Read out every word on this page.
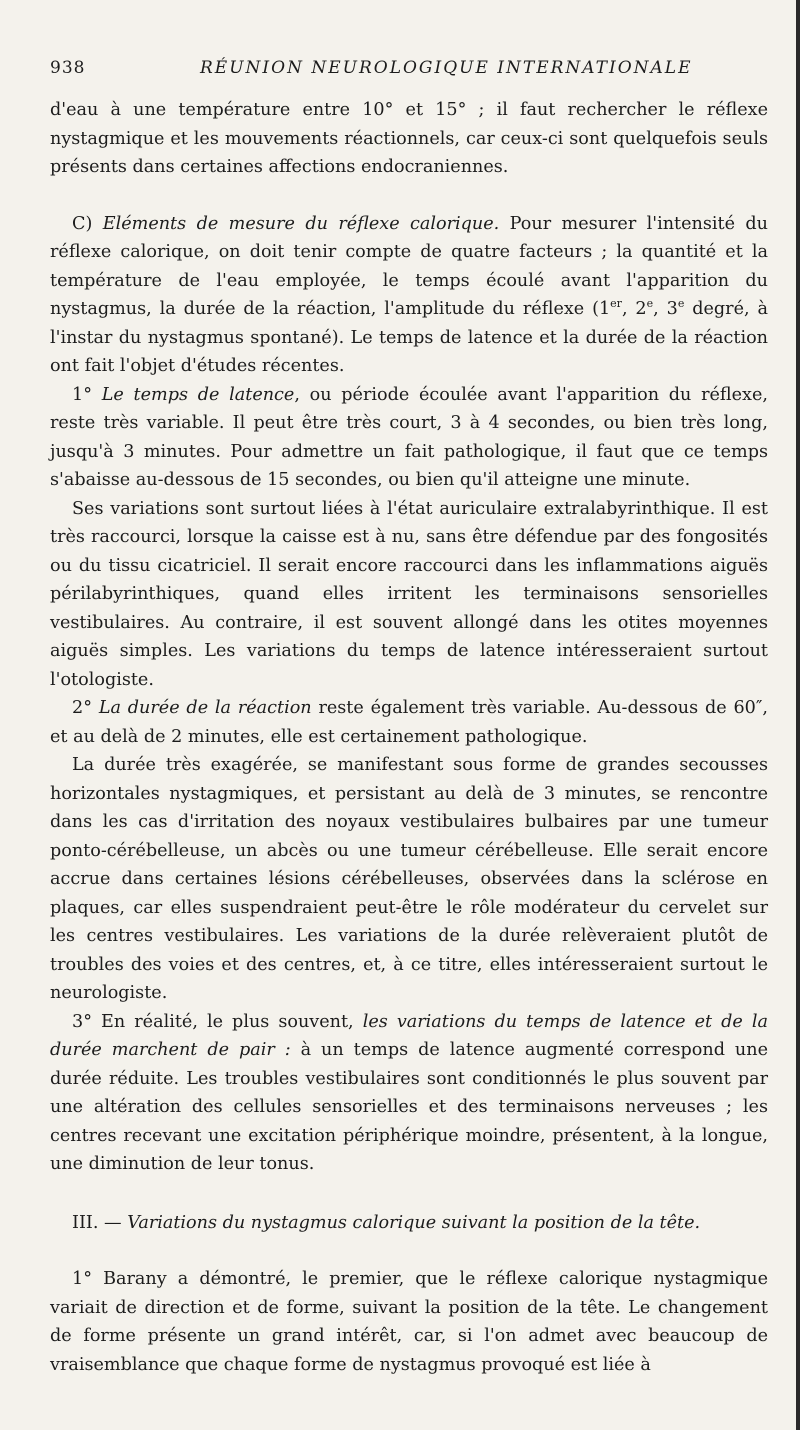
938	RÉUNION NEUROLOGIQUE INTERNATIONALE

d'eau à une température entre 10° et 15° ; il faut rechercher le réflexe nystagmique et les mouvements réactionnels, car ceux-ci sont quelquefois seuls présents dans certaines affections endocraniennes.

C) Eléments de mesure du réflexe calorique. Pour mesurer l'intensité du réflexe calorique, on doit tenir compte de quatre facteurs ; la quantité et la température de l'eau employée, le temps écoulé avant l'apparition du nystagmus, la durée de la réaction, l'amplitude du réflexe (1er, 2e, 3e degré, à l'instar du nystagmus spontané). Le temps de latence et la durée de la réaction ont fait l'objet d'études récentes.

1° Le temps de latence, ou période écoulée avant l'apparition du réflexe, reste très variable. Il peut être très court, 3 à 4 secondes, ou bien très long, jusqu'à 3 minutes. Pour admettre un fait pathologique, il faut que ce temps s'abaisse au-dessous de 15 secondes, ou bien qu'il atteigne une minute.

Ses variations sont surtout liées à l'état auriculaire extralabyrinthique. Il est très raccourci, lorsque la caisse est à nu, sans être défendue par des fongosités ou du tissu cicatriciel. Il serait encore raccourci dans les inflammations aiguës périlabyrinthiques, quand elles irritent les terminaisons sensorielles vestibulaires. Au contraire, il est souvent allongé dans les otites moyennes aiguës simples. Les variations du temps de latence intéresseraient surtout l'otologiste.

2° La durée de la réaction reste également très variable. Au-dessous de 60″, et au delà de 2 minutes, elle est certainement pathologique.

La durée très exagérée, se manifestant sous forme de grandes secousses horizontales nystagmiques, et persistant au delà de 3 minutes, se rencontre dans les cas d'irritation des noyaux vestibulaires bulbaires par une tumeur ponto-cérébelleuse, un abcès ou une tumeur cérébelleuse. Elle serait encore accrue dans certaines lésions cérébelleuses, observées dans la sclérose en plaques, car elles suspendraient peut-être le rôle modérateur du cervelet sur les centres vestibulaires. Les variations de la durée relèveraient plutôt de troubles des voies et des centres, et, à ce titre, elles intéresseraient surtout le neurologiste.

3° En réalité, le plus souvent, les variations du temps de latence et de la durée marchent de pair : à un temps de latence augmenté correspond une durée réduite. Les troubles vestibulaires sont conditionnés le plus souvent par une altération des cellules sensorielles et des terminaisons nerveuses ; les centres recevant une excitation périphérique moindre, présentent, à la longue, une diminution de leur tonus.

III. — Variations du nystagmus calorique suivant la position de la tête.

1° Barany a démontré, le premier, que le réflexe calorique nystagmique variait de direction et de forme, suivant la position de la tête. Le changement de forme présente un grand intérêt, car, si l'on admet avec beaucoup de vraisemblance que chaque forme de nystagmus provoqué est liée à
